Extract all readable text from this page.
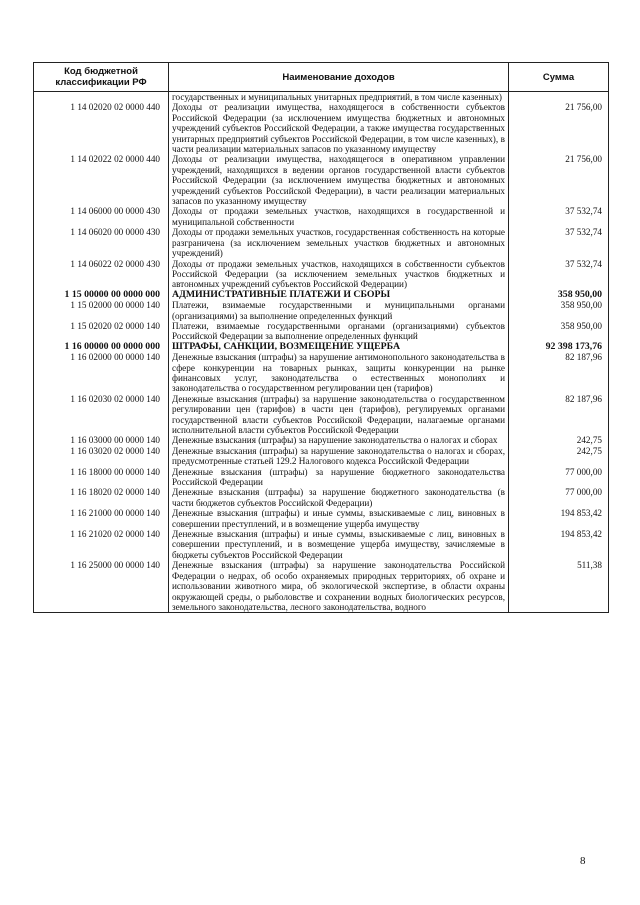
Код бюджетной классификации РФ	Наименование доходов	Сумма
	государственных и муниципальных унитарных предприятий, в том числе казенных)	
1 14 02020 02 0000 440	Доходы от реализации имущества, находящегося в собственности субъектов Российской Федерации (за исключением имущества бюджетных и автономных учреждений субъектов Российской Федерации, а также имущества государственных унитарных предприятий субъектов Российской Федерации, в том числе казенных), в части реализации материальных запасов по указанному имуществу	21 756,00
1 14 02022 02 0000 440	Доходы от реализации имущества, находящегося в оперативном управлении учреждений, находящихся в ведении органов государственной власти субъектов Российской Федерации (за исключением имущества бюджетных и автономных учреждений субъектов Российской Федерации), в части реализации материальных запасов по указанному имуществу	21 756,00
1 14 06000 00 0000 430	Доходы от продажи земельных участков, находящихся в государственной и муниципальной собственности	37 532,74
1 14 06020 00 0000 430	Доходы от продажи земельных участков, государственная собственность на которые разграничена (за исключением земельных участков бюджетных и автономных учреждений)	37 532,74
1 14 06022 02 0000 430	Доходы от продажи земельных участков, находящихся в собственности субъектов Российской Федерации (за исключением земельных участков бюджетных и автономных учреждений субъектов Российской Федерации)	37 532,74
1 15 00000 00 0000 000	АДМИНИСТРАТИВНЫЕ ПЛАТЕЖИ И СБОРЫ	358 950,00
1 15 02000 00 0000 140	Платежи, взимаемые государственными и муниципальными органами (организациями) за выполнение определенных функций	358 950,00
1 15 02020 02 0000 140	Платежи, взимаемые государственными органами (организациями) субъектов Российской Федерации за выполнение определенных функций	358 950,00
1 16 00000 00 0000 000	ШТРАФЫ, САНКЦИИ, ВОЗМЕЩЕНИЕ УЩЕРБА	92 398 173,76
1 16 02000 00 0000 140	Денежные взыскания (штрафы) за нарушение антимонопольного законодательства в сфере конкуренции на товарных рынках, защиты конкуренции на рынке финансовых услуг, законодательства о естественных монополиях и законодательства о государственном регулировании цен (тарифов)	82 187,96
1 16 02030 02 0000 140	Денежные взыскания (штрафы) за нарушение законодательства о государственном регулировании цен (тарифов) в части цен (тарифов), регулируемых органами государственной власти субъектов Российской Федерации, налагаемые органами исполнительной власти субъектов Российской Федерации	82 187,96
1 16 03000 00 0000 140	Денежные взыскания (штрафы) за нарушение законодательства о налогах и сборах	242,75
1 16 03020 02 0000 140	Денежные взыскания (штрафы) за нарушение законодательства о налогах и сборах, предусмотренные статьей 129.2 Налогового кодекса Российской Федерации	242,75
1 16 18000 00 0000 140	Денежные взыскания (штрафы) за нарушение бюджетного законодательства Российской Федерации	77 000,00
1 16 18020 02 0000 140	Денежные взыскания (штрафы) за нарушение бюджетного законодательства (в части бюджетов субъектов Российской Федерации)	77 000,00
1 16 21000 00 0000 140	Денежные взыскания (штрафы) и иные суммы, взыскиваемые с лиц, виновных в совершении преступлений, и в возмещение ущерба имуществу	194 853,42
1 16 21020 02 0000 140	Денежные взыскания (штрафы) и иные суммы, взыскиваемые с лиц, виновных в совершении преступлений, и в возмещение ущерба имуществу, зачисляемые в бюджеты субъектов Российской Федерации	194 853,42
1 16 25000 00 0000 140	Денежные взыскания (штрафы) за нарушение законодательства Российской Федерации о недрах, об особо охраняемых природных территориях, об охране и использовании животного мира, об экологической экспертизе, в области охраны окружающей среды, о рыболовстве и сохранении водных биологических ресурсов, земельного законодательства, лесного законодательства, водного	511,38
8
